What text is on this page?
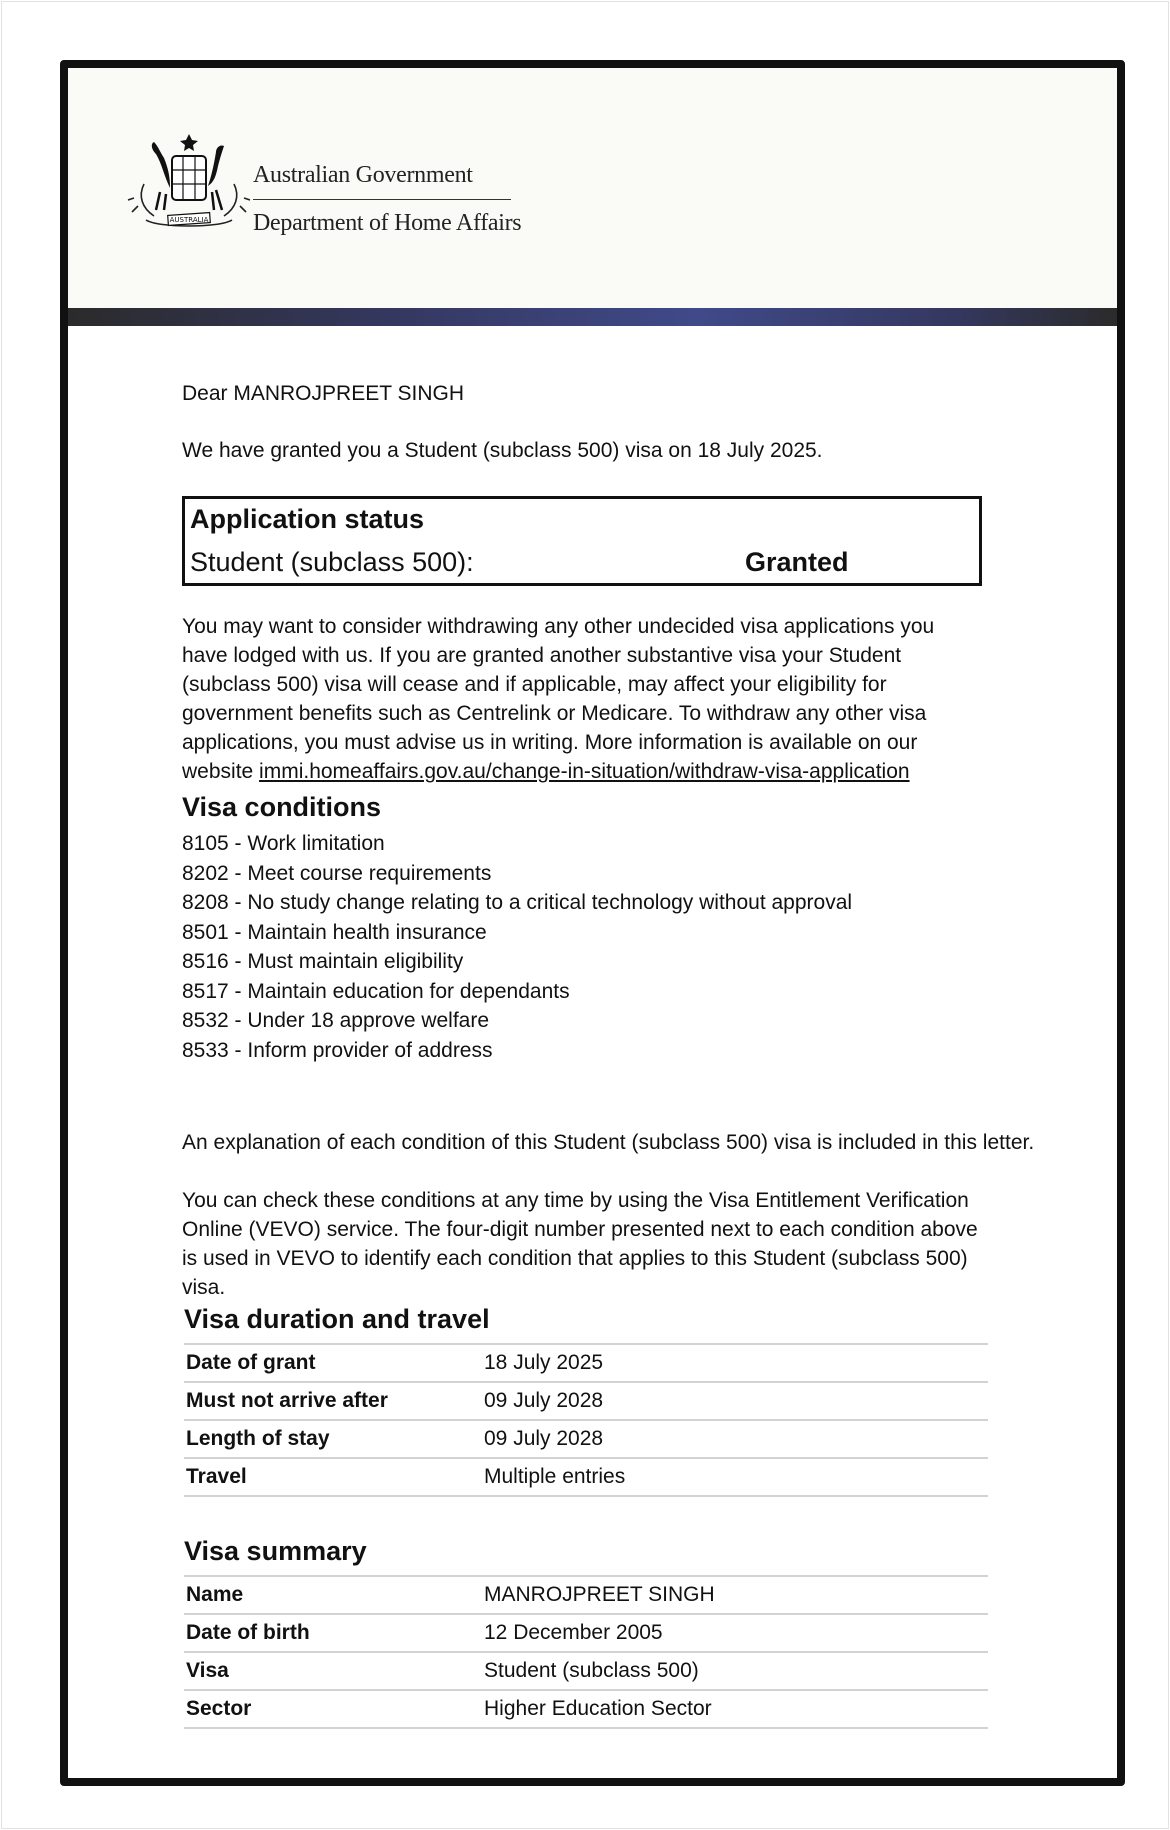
AUSTRALIA
Australian Government
Department of Home Affairs

Dear MANROJPREET SINGH

We have granted you a Student (subclass 500) visa on 18 July 2025.

Application status
Student (subclass 500):	Granted

You may want to consider withdrawing any other undecided visa applications you have lodged with us. If you are granted another substantive visa your Student (subclass 500) visa will cease and if applicable, may affect your eligibility for government benefits such as Centrelink or Medicare. To withdraw any other visa applications, you must advise us in writing. More information is available on our website immi.homeaffairs.gov.au/change-in-situation/withdraw-visa-application

Visa conditions
8105 - Work limitation
8202 - Meet course requirements
8208 - No study change relating to a critical technology without approval
8501 - Maintain health insurance
8516 - Must maintain eligibility
8517 - Maintain education for dependants
8532 - Under 18 approve welfare
8533 - Inform provider of address

An explanation of each condition of this Student (subclass 500) visa is included in this letter.

You can check these conditions at any time by using the Visa Entitlement Verification Online (VEVO) service. The four-digit number presented next to each condition above is used in VEVO to identify each condition that applies to this Student (subclass 500) visa.

Visa duration and travel
Date of grant	18 July 2025
Must not arrive after	09 July 2028
Length of stay	09 July 2028
Travel	Multiple entries
Visa summary
Name	MANROJPREET SINGH
Date of birth	12 December 2005
Visa	Student (subclass 500)
Sector	Higher Education Sector
